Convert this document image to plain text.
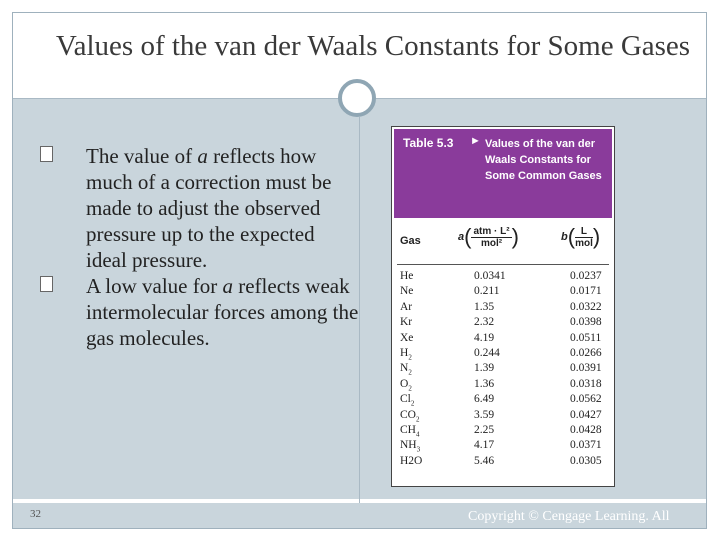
Values of the van der Waals Constants for Some Gases
The value of a reflects how much of a correction must be made to adjust the observed pressure up to the expected ideal pressure.
A low value for a reflects weak intermolecular forces among the gas molecules.
Table 5.3 ► Values of the van der Waals Constants for Some Common Gases
Gas	$a( \frac{\text{atm · L²}}{\text{mol²}}$ )	$b( \frac{L}{\text{mol}}$ )
He	0.0341	0.0237
Ne	0.211	0.0171
Ar	1.35	0.0322
Kr	2.32	0.0398
Xe	4.19	0.0511
$H_2$	0.244	0.0266
$N_2$	1.39	0.0391
$O_2$	1.36	0.0318
$Cl_2$	6.49	0.0562
$CO_2$	3.59	0.0427
$CH_4$	2.25	0.0428
$NH_3$	4.17	0.0371
H2O	5.46	0.0305
32	Copyright © Cengage Learning. All
